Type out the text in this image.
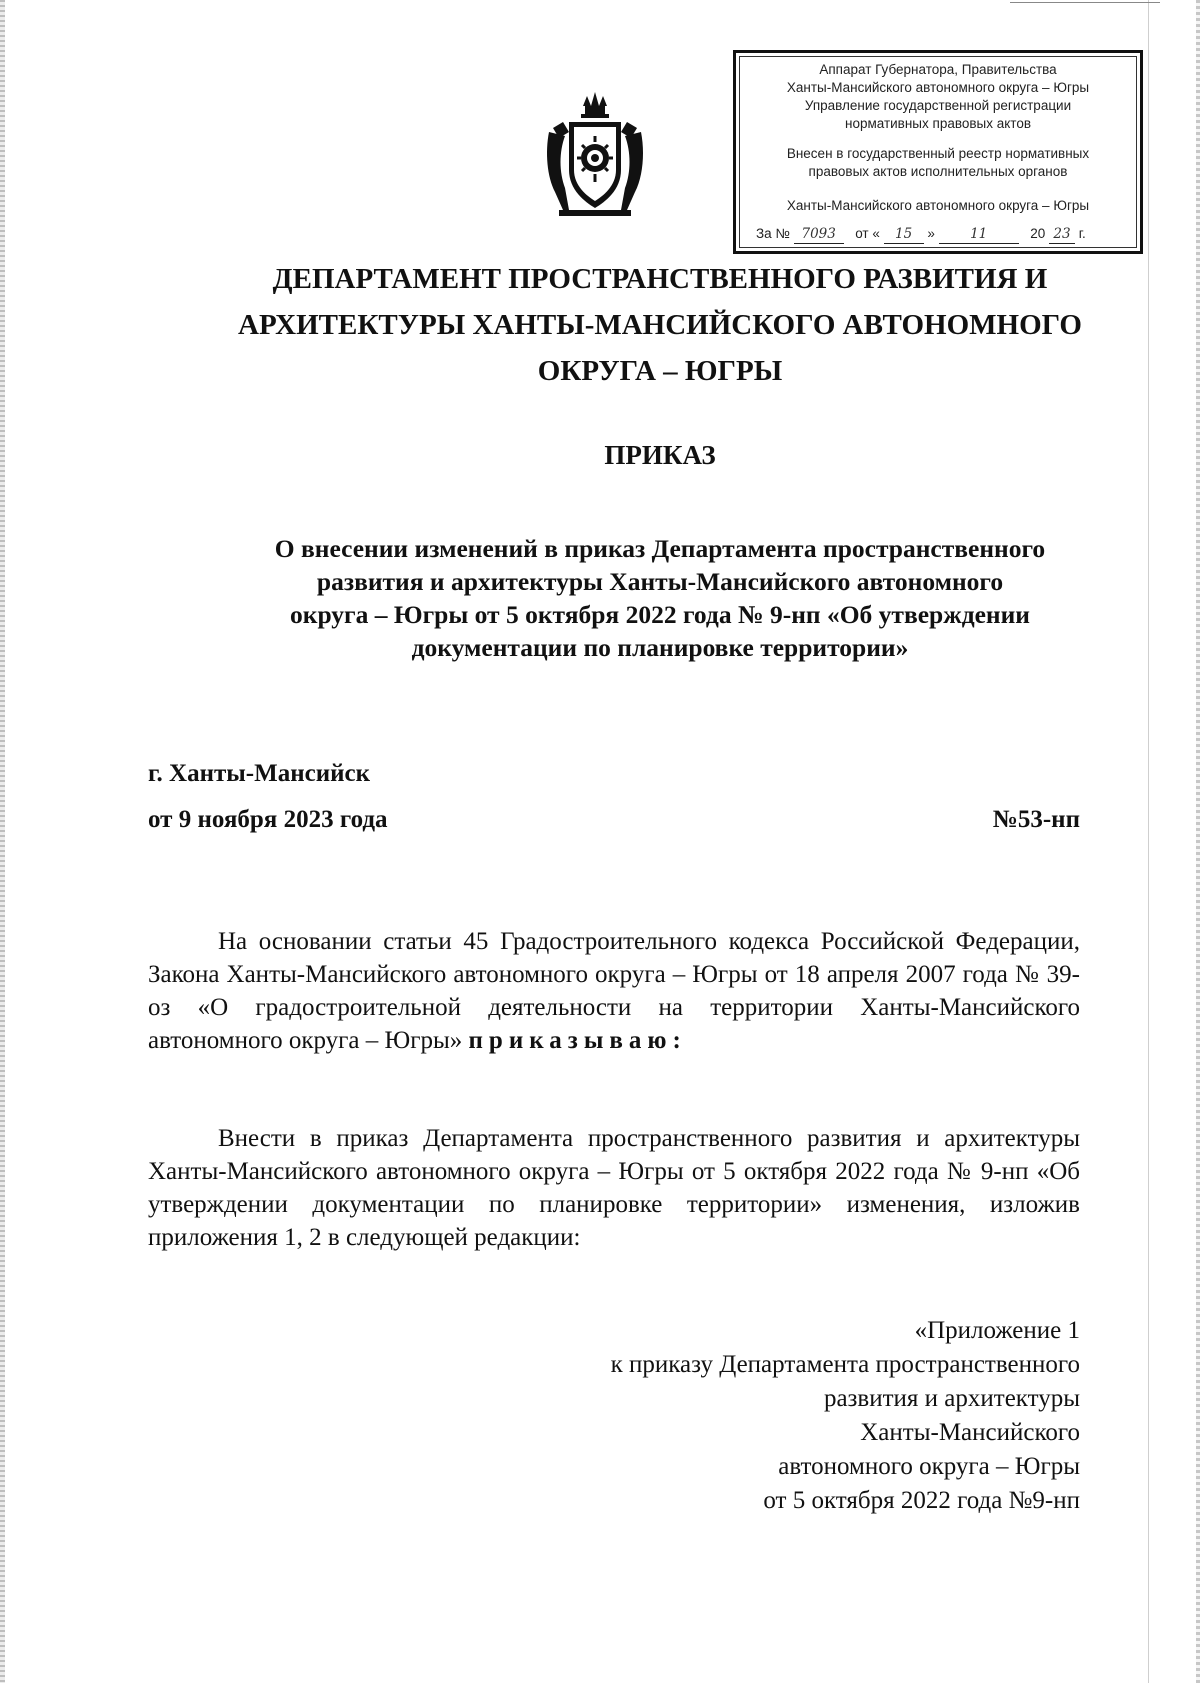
Аппарат Губернатора, Правительства
Ханты-Мансийского автономного округа – Югры
Управление государственной регистрации
нормативных правовых актов
Внесен в государственный реестр нормативных
правовых актов исполнительных органов
Ханты-Мансийского автономного округа – Югры
За № 7093 от « 15 »	11	20 23 г.
ДЕПАРТАМЕНТ ПРОСТРАНСТВЕННОГО РАЗВИТИЯ И
АРХИТЕКТУРЫ ХАНТЫ-МАНСИЙСКОГО АВТОНОМНОГО
ОКРУГА – ЮГРЫ
ПРИКАЗ
О внесении изменений в приказ Департамента пространственного
развития и архитектуры Ханты-Мансийского автономного
округа – Югры от 5 октября 2022 года № 9-нп «Об утверждении
документации по планировке территории»
г. Ханты-Мансийск
от 9 ноября 2023 года	№53-нп
На основании статьи 45 Градостроительного кодекса Российской Федерации, Закона Ханты-Мансийского автономного округа – Югры от 18 апреля 2007 года № 39-оз «О градостроительной деятельности на территории Ханты-Мансийского автономного округа – Югры» приказываю:
Внести в приказ Департамента пространственного развития и архитектуры Ханты-Мансийского автономного округа – Югры от 5 октября 2022 года № 9-нп «Об утверждении документации по планировке территории» изменения, изложив приложения 1, 2 в следующей редакции:
«Приложение 1
к приказу Департамента пространственного
развития и архитектуры
Ханты-Мансийского
автономного округа – Югры
от 5 октября 2022 года №9-нп
